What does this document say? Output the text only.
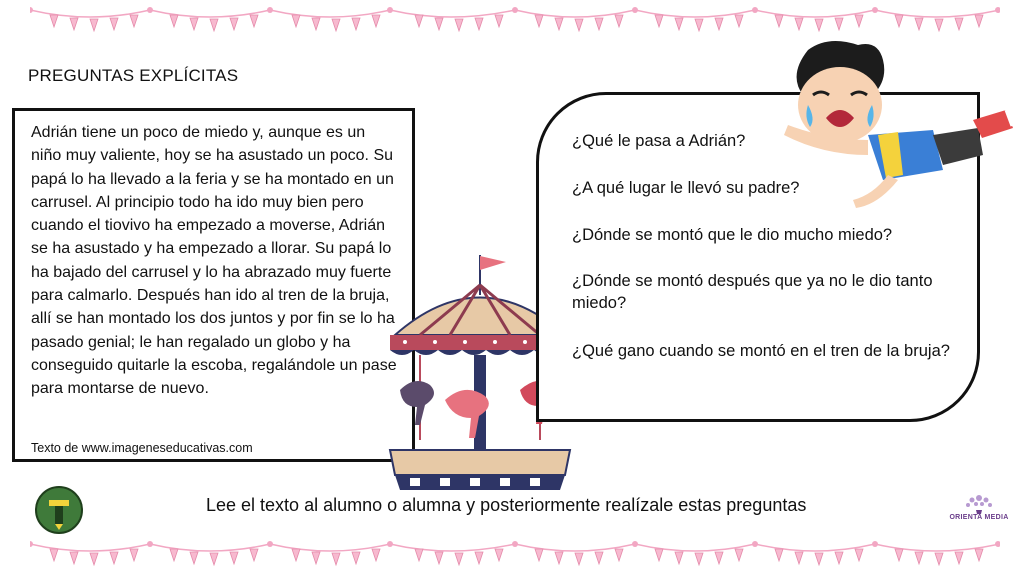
PREGUNTAS EXPLÍCITAS
Adrián tiene un poco de miedo y, aunque es un niño muy valiente, hoy se ha asustado un poco. Su papá lo ha llevado a la feria y se ha montado en un carrusel. Al principio todo ha ido muy bien pero cuando el tiovivo ha empezado a moverse, Adrián se ha asustado y ha empezado a llorar. Su papá lo ha bajado del carrusel y lo ha abrazado muy fuerte para calmarlo. Después han ido al tren de la bruja, allí se han montado los dos juntos y por fin se lo ha pasado genial; le han regalado un globo y ha conseguido quitarle la escoba, regalándole un pase para montarse de nuevo.
Texto de www.imageneseducativas.com
¿Qué le pasa a Adrián?
¿A qué lugar le llevó su padre?
¿Dónde se montó que le dio mucho miedo?
¿Dónde se montó después que ya no le dio tanto miedo?
¿Qué gano cuando se montó en el tren de la bruja?
Lee el texto al alumno o alumna y posteriormente realízale estas preguntas
ORIENTA MEDIA
